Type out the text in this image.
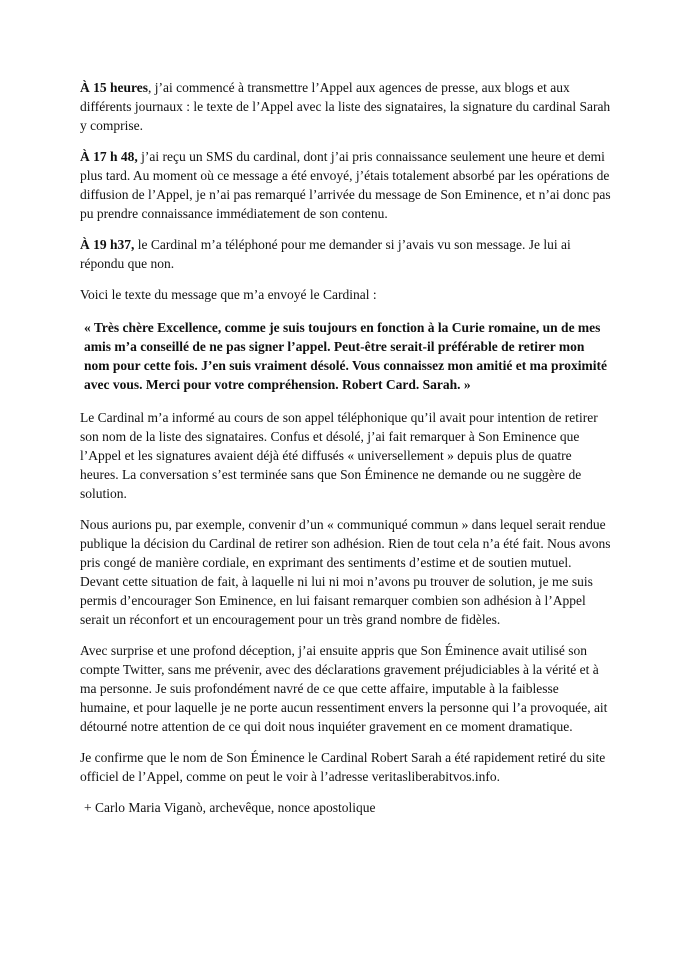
À 15 heures, j’ai commencé à transmettre l’Appel aux agences de presse, aux blogs et aux différents journaux : le texte de l’Appel avec la liste des signataires, la signature du cardinal Sarah y comprise.

À 17 h 48, j’ai reçu un SMS du cardinal, dont j’ai pris connaissance seulement une heure et demi plus tard. Au moment où ce message a été envoyé, j’étais totalement absorbé par les opérations de diffusion de l’Appel, je n’ai pas remarqué l’arrivée du message de Son Eminence, et n’ai donc pas pu prendre connaissance immédiatement de son contenu.

À 19 h37, le Cardinal m’a téléphoné pour me demander si j’avais vu son message. Je lui ai répondu que non.

Voici le texte du message que m’a envoyé le Cardinal :

« Très chère Excellence, comme je suis toujours en fonction à la Curie romaine, un de mes amis m’a conseillé de ne pas signer l’appel. Peut-être serait-il préférable de retirer mon nom pour cette fois. J’en suis vraiment désolé. Vous connaissez mon amitié et ma proximité avec vous. Merci pour votre compréhension. Robert Card. Sarah. »

Le Cardinal m’a informé au cours de son appel téléphonique qu’il avait pour intention de retirer son nom de la liste des signataires. Confus et désolé, j’ai fait remarquer à Son Eminence que l’Appel et les signatures avaient déjà été diffusés « universellement » depuis plus de quatre heures. La conversation s’est terminée sans que Son Éminence ne demande ou ne suggère de solution.

Nous aurions pu, par exemple, convenir d’un « communiqué commun » dans lequel serait rendue publique la décision du Cardinal de retirer son adhésion. Rien de tout cela n’a été fait. Nous avons pris congé de manière cordiale, en exprimant des sentiments d’estime et de soutien mutuel. Devant cette situation de fait, à laquelle ni lui ni moi n’avons pu trouver de solution, je me suis permis d’encourager Son Eminence, en lui faisant remarquer combien son adhésion à l’Appel serait un réconfort et un encouragement pour un très grand nombre de fidèles.

Avec surprise et une profond déception, j’ai ensuite appris que Son Éminence avait utilisé son compte Twitter, sans me prévenir, avec des déclarations gravement préjudiciables à la vérité et à ma personne. Je suis profondément navré de ce que cette affaire, imputable à la faiblesse humaine, et pour laquelle je ne porte aucun ressentiment envers la personne qui l’a provoquée, ait détourné notre attention de ce qui doit nous inquiéter gravement en ce moment dramatique.

Je confirme que le nom de Son Éminence le Cardinal Robert Sarah a été rapidement retiré du site officiel de l’Appel, comme on peut le voir à l’adresse veritasliberabitvos.info.

+ Carlo Maria Viganò, archevêque, nonce apostolique
